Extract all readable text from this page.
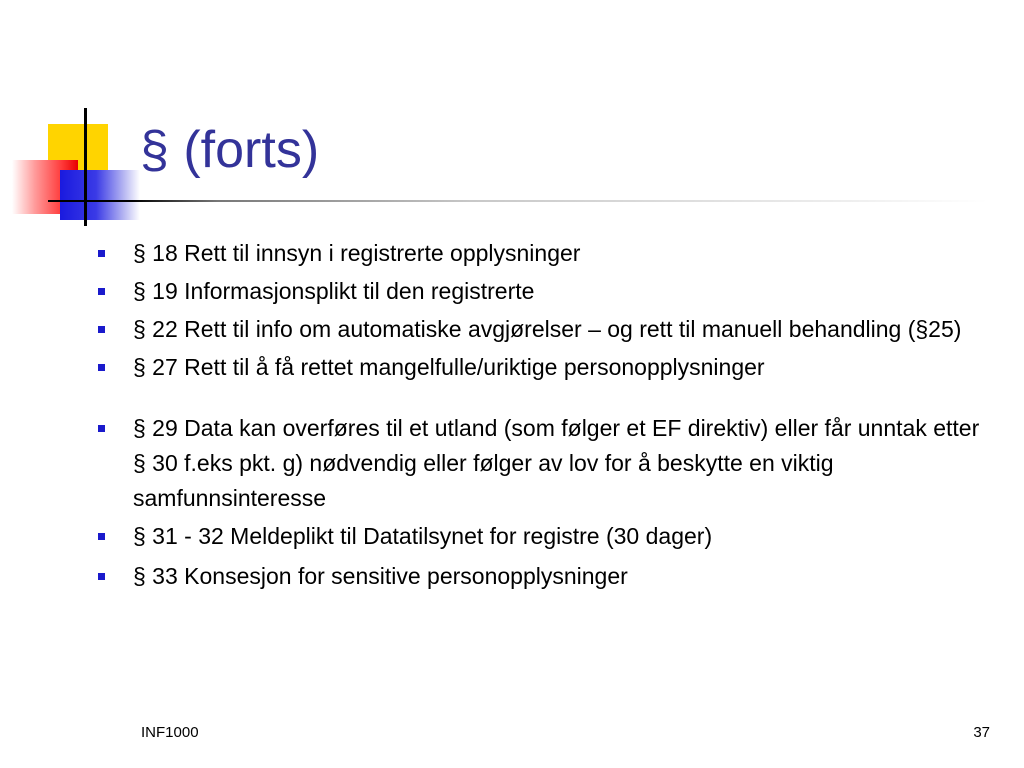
§ (forts)
§ 18 Rett til innsyn i registrerte opplysninger
§ 19 Informasjonsplikt til den registrerte
§ 22 Rett til info om automatiske avgjørelser – og rett til manuell behandling (§25)
§ 27 Rett til å få rettet mangelfulle/uriktige personopplysninger
§ 29 Data kan overføres til et utland (som følger et EF direktiv) eller får unntak etter § 30 f.eks pkt. g) nødvendig eller følger av lov for å beskytte en viktig samfunnsinteresse
§ 31 - 32 Meldeplikt til Datatilsynet for registre (30 dager)
§ 33 Konsesjon for sensitive personopplysninger
INF1000	37
